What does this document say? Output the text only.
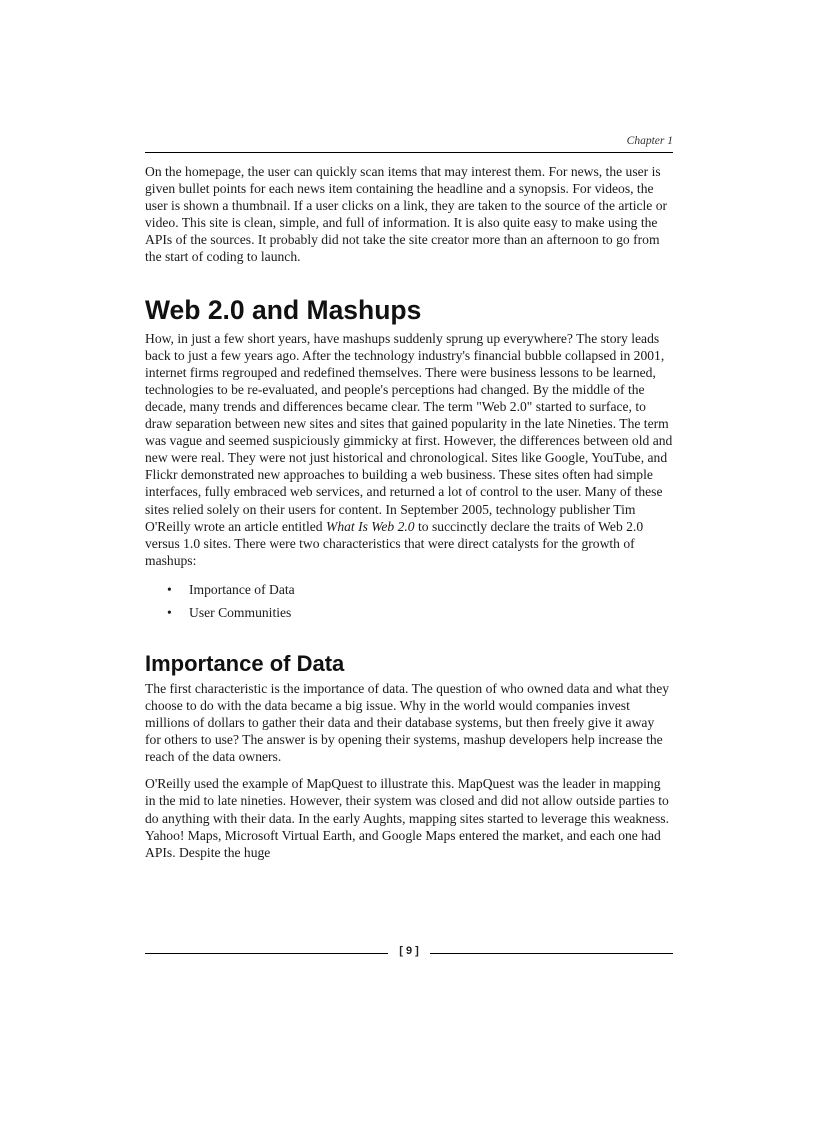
Chapter 1

On the homepage, the user can quickly scan items that may interest them. For news, the user is given bullet points for each news item containing the headline and a synopsis. For videos, the user is shown a thumbnail. If a user clicks on a link, they are taken to the source of the article or video. This site is clean, simple, and full of information. It is also quite easy to make using the APIs of the sources. It probably did not take the site creator more than an afternoon to go from the start of coding to launch.

Web 2.0 and Mashups

How, in just a few short years, have mashups suddenly sprung up everywhere? The story leads back to just a few years ago. After the technology industry's financial bubble collapsed in 2001, internet firms regrouped and redefined themselves. There were business lessons to be learned, technologies to be re-evaluated, and people's perceptions had changed. By the middle of the decade, many trends and differences became clear. The term "Web 2.0" started to surface, to draw separation between new sites and sites that gained popularity in the late Nineties. The term was vague and seemed suspiciously gimmicky at first. However, the differences between old and new were real. They were not just historical and chronological. Sites like Google, YouTube, and Flickr demonstrated new approaches to building a web business. These sites often had simple interfaces, fully embraced web services, and returned a lot of control to the user. Many of these sites relied solely on their users for content. In September 2005, technology publisher Tim O'Reilly wrote an article entitled What Is Web 2.0 to succinctly declare the traits of Web 2.0 versus 1.0 sites. There were two characteristics that were direct catalysts for the growth of mashups:

• Importance of Data
• User Communities
Importance of Data

The first characteristic is the importance of data. The question of who owned data and what they choose to do with the data became a big issue. Why in the world would companies invest millions of dollars to gather their data and their database systems, but then freely give it away for others to use? The answer is by opening their systems, mashup developers help increase the reach of the data owners.

O'Reilly used the example of MapQuest to illustrate this. MapQuest was the leader in mapping in the mid to late nineties. However, their system was closed and did not allow outside parties to do anything with their data. In the early Aughts, mapping sites started to leverage this weakness. Yahoo! Maps, Microsoft Virtual Earth, and Google Maps entered the market, and each one had APIs. Despite the huge

[ 9 ]
